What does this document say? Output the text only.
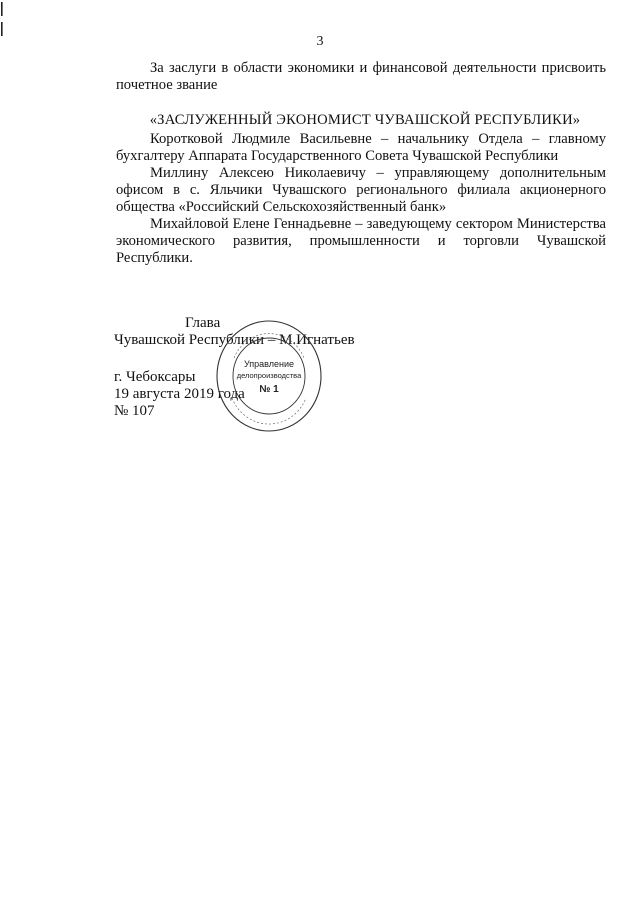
3

За заслуги в области экономики и финансовой деятельности присвоить почетное звание

«ЗАСЛУЖЕННЫЙ ЭКОНОМИСТ ЧУВАШСКОЙ РЕСПУБЛИКИ»

Коротковой Людмиле Васильевне – начальнику Отдела – главному бухгалтеру Аппарата Государственного Совета Чувашской Республики

Миллину Алексею Николаевичу – управляющему дополнительным офисом в с. Яльчики Чувашского регионального филиала акционерного общества «Российский Сельскохозяйственный банк»

Михайловой Елене Геннадьевне – заведующему сектором Министерства экономического развития, промышленности и торговли Чувашской Республики.

Глава
Чувашской Республики – М.Игнатьев
г. Чебоксары
19 августа 2019 года
№ 107
Управление
делопроизводства
№ 1
